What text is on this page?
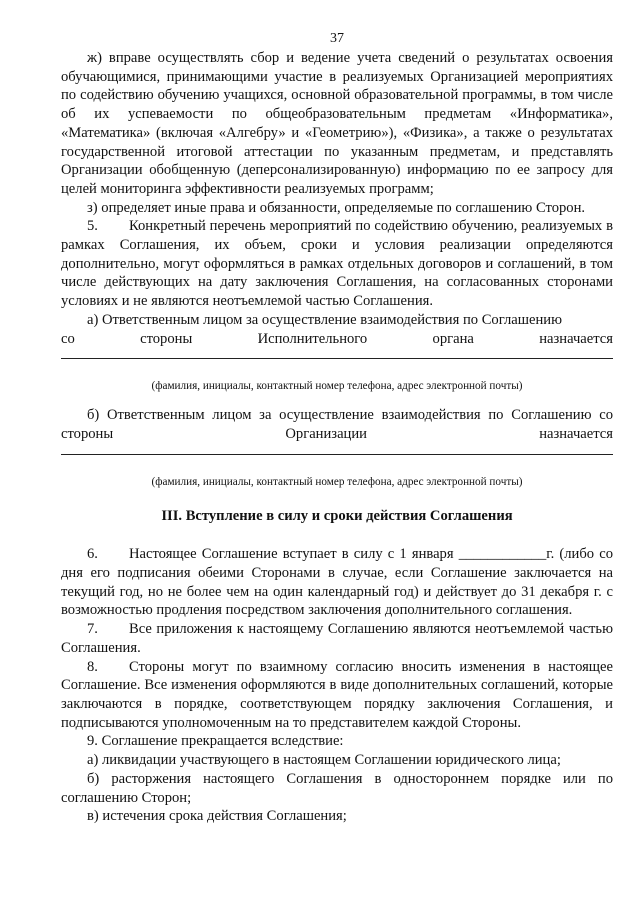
37

ж) вправе осуществлять сбор и ведение учета сведений о результатах освоения обучающимися, принимающими участие в реализуемых Организацией мероприятиях по содействию обучению учащихся, основной образовательной программы, в том числе об их успеваемости по общеобразовательным предметам «Информатика», «Математика» (включая «Алгебру» и «Геометрию»), «Физика», а также о результатах государственной итоговой аттестации по указанным предметам, и представлять Организации обобщенную (деперсонализированную) информацию по ее запросу для целей мониторинга эффективности реализуемых программ;

з) определяет иные права и обязанности, определяемые по соглашению Сторон.

5. Конкретный перечень мероприятий по содействию обучению, реализуемых в рамках Соглашения, их объем, сроки и условия реализации определяются дополнительно, могут оформляться в рамках отдельных договоров и соглашений, в том числе действующих на дату заключения Соглашения, на согласованных сторонами условиях и не являются неотъемлемой частью Соглашения.

а) Ответственным лицом за осуществление взаимодействия по Соглашению

со стороны Исполнительного органа назначается

(фамилия, инициалы, контактный номер телефона, адрес электронной почты)

б) Ответственным лицом за осуществление взаимодействия по Соглашению со

стороны Организации назначается

(фамилия, инициалы, контактный номер телефона, адрес электронной почты)

III. Вступление в силу и сроки действия Соглашения

6. Настоящее Соглашение вступает в силу с 1 января ____________г. (либо со дня его подписания обеими Сторонами в случае, если Соглашение заключается на текущий год, но не более чем на один календарный год) и действует до 31 декабря г. с возможностью продления посредством заключения дополнительного соглашения.

7. Все приложения к настоящему Соглашению являются неотъемлемой частью Соглашения.

8. Стороны могут по взаимному согласию вносить изменения в настоящее Соглашение. Все изменения оформляются в виде дополнительных соглашений, которые заключаются в порядке, соответствующем порядку заключения Соглашения, и подписываются уполномоченным на то представителем каждой Стороны.

9. Соглашение прекращается вследствие:

а) ликвидации участвующего в настоящем Соглашении юридического лица;

б) расторжения настоящего Соглашения в одностороннем порядке или по соглашению Сторон;

в) истечения срока действия Соглашения;
